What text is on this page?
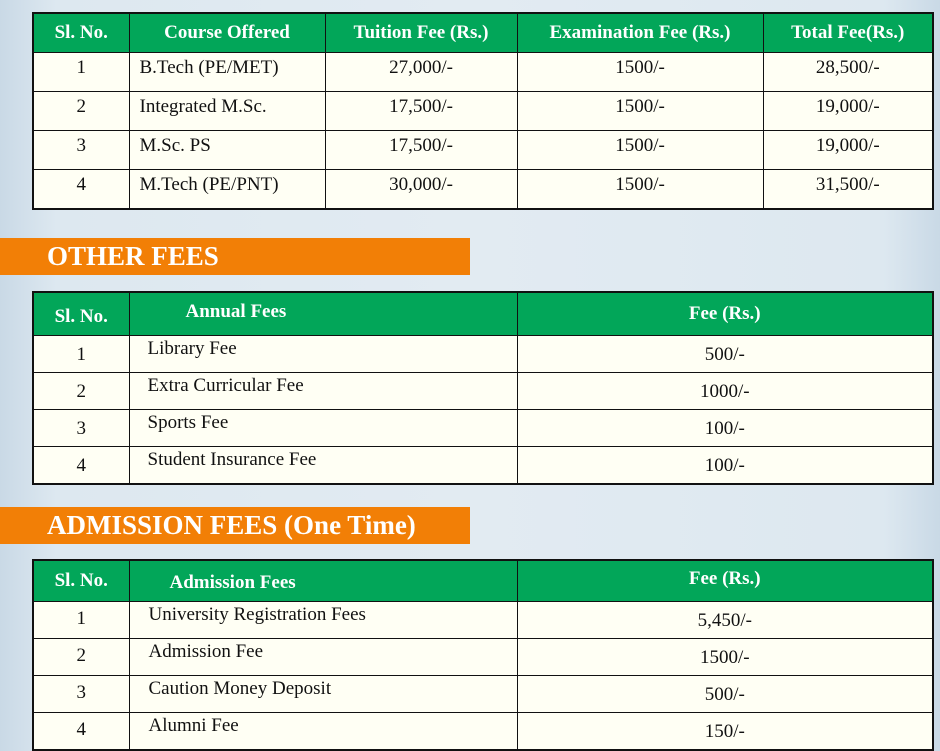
Sl. No.	Course Offered	Tuition Fee (Rs.)	Examination Fee (Rs.)	Total Fee(Rs.)
1	B.Tech (PE/MET)	27,000/-	1500/-	28,500/-
2	Integrated M.Sc.	17,500/-	1500/-	19,000/-
3	M.Sc. PS	17,500/-	1500/-	19,000/-
4	M.Tech (PE/PNT)	30,000/-	1500/-	31,500/-
OTHER FEES
Sl. No.	Annual Fees	Fee (Rs.)
1	Library Fee	500/-
2	Extra Curricular Fee	1000/-
3	Sports Fee	100/-
4	Student Insurance Fee	100/-
ADMISSION FEES (One Time)
Sl. No.	Admission Fees	Fee (Rs.)
1	University Registration Fees	5,450/-
2	Admission Fee	1500/-
3	Caution Money Deposit	500/-
4	Alumni Fee	150/-
